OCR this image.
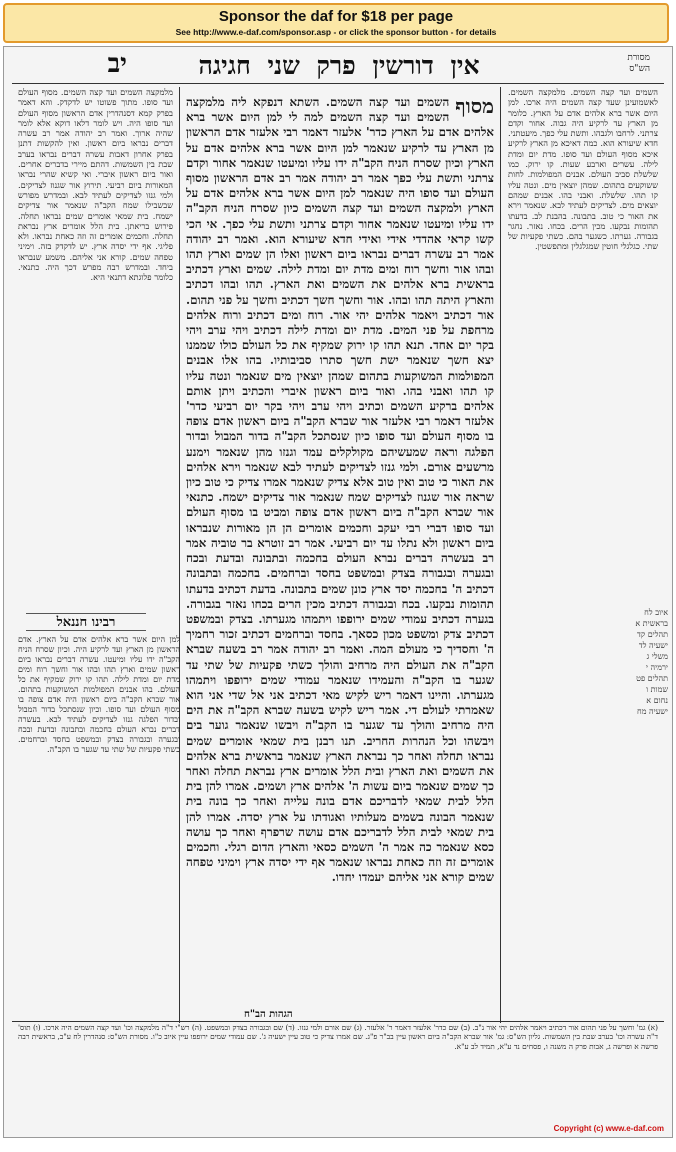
Sponsor the daf for $18 per page
See http://www.e-daf.com/sponsor.asp - or click the sponsor button - for details
יב	אין דורשין פרק שני חגיגה	מסורת
הש"ס
מלמקצה השמים ועד קצה השמים. מסוף העולם ועד סופו. מתוך פשוטו יש לדקדק. והא דאמר בפרק קמא דסנהדרין אדם הראשון מסוף העולם ועד סופו היה. ויש לומר דלאו דוקא אלא לומר שהיה ארוך. ואמר רב יהודה אמר רב עשרה דברים נבראו ביום ראשון. ואין להקשות דתנן בפרק אחרון דאבות עשרה דברים נבראו בערב שבת בין השמשות. דהתם מיירי בדברים אחרים. ואור ביום ראשון איברי. ואי קשיא שהרי נבראו המאורות ביום רביעי. תירוץ אור שגנוז לצדיקים. ולמי גנזו לצדיקים לעתיד לבא. ובמדרש מפורש שבשבילו שמח הקב"ה שנאמר אור צדיקים ישמח. בית שמאי אומרים שמים נבראו תחלה. פירוש בריאתן. בית הלל אומרים ארץ נבראת תחלה. וחכמים אומרים זה וזה כאחת נבראו. ולא פליגי. אף ידי יסדה ארץ. יש לדקדק בזה. וימיני טפחה שמים. קורא אני אליהם. משמע שנבראו ביחד. ובמדרש רבה מפרש דכך היה. כתנאי. כלומר פלוגתא דתנאי היא.
מסוף
השמים ועד קצה השמים. השתא דנפקא ליה מלמקצה השמים ועד קצה השמים למה לי למן היום אשר ברא אלהים אדם על הארץ כדר' אלעזר דאמר רבי אלעזר אדם הראשון מן הארץ עד לרקיע שנאמר למן היום אשר ברא אלהים אדם על הארץ וכיון שסרח הניח הקב"ה ידו עליו ומיעטו שנאמר אחור וקדם צרתני ותשת עלי כפך אמר רב יהודה אמר רב אדם הראשון מסוף העולם ועד סופו היה שנאמר למן היום אשר ברא אלהים אדם על הארץ ולמקצה השמים ועד קצה השמים כיון שסרח הניח הקב"ה ידו עליו ומיעטו שנאמר אחור וקדם צרתני ותשת עלי כפך. אי הכי קשו קראי אהדדי אידי ואידי חדא שיעורא הוא. ואמר רב יהודה אמר רב עשרה דברים נבראו ביום ראשון ואלו הן שמים וארץ תהו ובהו אור וחשך רוח ומים מדת יום ומדת לילה. שמים וארץ דכתיב בראשית ברא אלהים את השמים ואת הארץ. תהו ובהו דכתיב והארץ היתה תהו ובהו. אור וחשך חשך דכתיב וחשך על פני תהום. אור דכתיב ויאמר אלהים יהי אור. רוח ומים דכתיב ורוח אלהים מרחפת על פני המים. מדת יום ומדת לילה דכתיב ויהי ערב ויהי בקר יום אחד. תנא תהו קו ירוק שמקיף את כל העולם כולו שממנו יצא חשך שנאמר ישת חשך סתרו סביבותיו. בהו אלו אבנים המפולמות המשוקעות בתהום שמהן יוצאין מים שנאמר ונטה עליו קו תהו ואבני בהו. ואור ביום ראשון איברי והכתיב ויתן אותם אלהים ברקיע השמים וכתיב ויהי ערב ויהי בקר יום רביעי כדר' אלעזר דאמר רבי אלעזר אור שברא הקב"ה ביום ראשון אדם צופה בו מסוף העולם ועד סופו כיון שנסתכל הקב"ה בדור המבול ובדור הפלגה וראה שמעשיהם מקולקלים עמד וגנזו מהן שנאמר וימנע מרשעים אורם. ולמי גנזו לצדיקים לעתיד לבא שנאמר וירא אלהים את האור כי טוב ואין טוב אלא צדיק שנאמר אמרו צדיק כי טוב כיון שראה אור שגנוז לצדיקים שמח שנאמר אור צדיקים ישמח. כתנאי אור שברא הקב"ה ביום ראשון אדם צופה ומביט בו מסוף העולם ועד סופו דברי רבי יעקב וחכמים אומרים הן הן מאורות שנבראו ביום ראשון ולא נתלו עד יום רביעי. אמר רב זוטרא בר טוביה אמר רב בעשרה דברים נברא העולם בחכמה ובתבונה ובדעת ובכח ובגערה ובגבורה בצדק ובמשפט בחסד וברחמים. בחכמה ובתבונה דכתיב ה' בחכמה יסד ארץ כונן שמים בתבונה. בדעת דכתיב בדעתו תהומות נבקעו. בכח ובגבורה דכתיב מכין הרים בכחו נאזר בגבורה. בגערה דכתיב עמודי שמים ירופפו ויתמהו מגערתו. בצדק ובמשפט דכתיב צדק ומשפט מכון כסאך. בחסד וברחמים דכתיב זכור רחמיך ה' וחסדיך כי מעולם המה. ואמר רב יהודה אמר רב בשעה שברא הקב"ה את העולם היה מרחיב והולך כשתי פקעיות של שתי עד שגער בו הקב"ה והעמידו שנאמר עמודי שמים ירופפו ויתמהו מגערתו. והיינו דאמר ריש לקיש מאי דכתיב אני אל שדי אני הוא שאמרתי לעולם די. אמר ריש לקיש בשעה שברא הקב"ה את הים היה מרחיב והולך עד שגער בו הקב"ה ויבשו שנאמר גוער בים ויבשהו וכל הנהרות החריב. תנו רבנן בית שמאי אומרים שמים נבראו תחלה ואחר כך נבראת הארץ שנאמר בראשית ברא אלהים את השמים ואת הארץ ובית הלל אומרים ארץ נבראת תחלה ואחר כך שמים שנאמר ביום עשות ה' אלהים ארץ ושמים. אמרו להן בית הלל לבית שמאי לדבריכם אדם בונה עלייה ואחר כך בונה בית שנאמר הבונה בשמים מעלותיו ואגודתו על ארץ יסדה. אמרו להן בית שמאי לבית הלל לדבריכם אדם עושה שרפרף ואחר כך עושה כסא שנאמר כה אמר ה' השמים כסאי והארץ הדום רגלי. וחכמים אומרים זה וזה כאחת נבראו שנאמר אף ידי יסדה ארץ וימיני טפחה שמים קורא אני אליהם יעמדו יחדו.
השמים ועד קצה השמים. מלמקצה השמים. לאשמועינן שעד קצה השמים היה ארכו. למן היום אשר ברא אלהים אדם על הארץ. כלומר מן הארץ עד לרקיע היה גבוה. אחור וקדם צרתני. לרחבו ולגבהו. ותשת עלי כפך. מיעטתני. חדא שיעורא הוא. כמה דאיכא מן הארץ לרקיע איכא מסוף העולם ועד סופו. מדת יום ומדת לילה. עשרים וארבע שעות. קו ירוק. כמו שלשלת סביב העולם. אבנים המפולמות. לחות ששוקעים בתהום. שמהן יוצאין מים. ונטה עליו קו תהו. שלשלת. ואבני בהו. אבנים שמהם יוצאים מים. לצדיקים לעתיד לבא. שנאמר וירא את האור כי טוב. בתבונה. בהבנת לב. בדעתו תהומות נבקעו. מכין הרים. בכחו. נאזר. נחגר בגבורה. גערתו. כשגער בהם. כשתי פקעיות של שתי. כגלגלי חוטין שמגלגלין ומתפשטין.
איוב לח
בראשית א
תהלים קד
ישעיה לד
משלי ג
ירמיה י
תהלים פט
שמות ו
נחום א
ישעיה מח
רבינו חננאל
למן היום אשר ברא אלהים אדם על הארץ. אדם הראשון מן הארץ ועד לרקיע היה. וכיון שסרח הניח הקב"ה ידו עליו ומיעטו. עשרה דברים נבראו ביום ראשון שמים וארץ תהו ובהו אור וחשך רוח ומים מדת יום ומדת לילה. תהו קו ירוק שמקיף את כל העולם. בהו אבנים המפולמות המשוקעות בתהום. אור שברא הקב"ה ביום ראשון היה אדם צופה בו מסוף העולם ועד סופו. וכיון שנסתכל בדור המבול ובדור הפלגה גנזו לצדיקים לעתיד לבא. בעשרה דברים נברא העולם בחכמה ובתבונה ובדעת ובכח ובגערה ובגבורה בצדק ובמשפט בחסד וברחמים. כשתי פקעיות של שתי עד שגער בו הקב"ה.
הגהות הב"ח
(א) גמ' וחשך על פני תהום אור דכתיב ויאמר אלהים יהי אור נ"ב. (ב) שם כדר' אלעזר דאמר ר' אלעזר. (ג) שם אורם ולמי גנזו. (ד) שם ובגבורה בצדק ובמשפט. (ה) רש"י ד"ה מלמקצה וכו' ועד קצה השמים היה ארכו. (ו) תוס' ד"ה עשרה וכו' בערב שבת בין השמשות. גליון הש"ס: גמ' אור שברא הקב"ה ביום ראשון עיין בב"ר פ"ג. שם אמרו צדיק כי טוב עיין ישעיה ג'. שם עמודי שמים ירופפו עיין איוב כ"ו. מסורת הש"ס: סנהדרין לח ע"ב, בראשית רבה פרשה א ופרשה ג, אבות פרק ה משנה ו, פסחים נד ע"א, תמיד לב ע"א.
Copyright (c) www.e-daf.com
